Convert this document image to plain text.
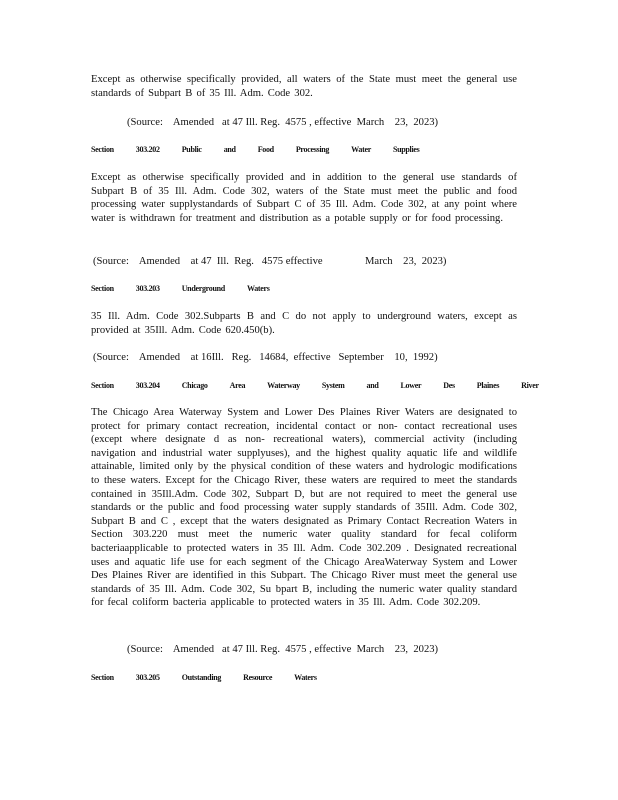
Except as otherwise specifically provided, all waters of the State must meet the general use standards of Subpart B of 35 Ill. Adm. Code 302.
(Source:    Amended   at 47 Ill. Reg.  4575 , effective  March    23,  2023)
Section	303.202	Public	and	Food	Processing	Water	Supplies
Except as otherwise specifically provided and in addition to the general use standards of Subpart B of 35 Ill. Adm. Code 302, waters of the State must meet the public and food processing water supplystandards of Subpart C of 35 Ill. Adm. Code 302, at any point where water is withdrawn for treatment and distribution as a potable supply or for food processing.
(Source:    Amended    at 47  Ill.  Reg.   4575 effective                March    23,  2023)
Section	303.203	Underground	Waters
35 Ill. Adm. Code 302.Subparts B and C do not apply to underground waters, except as provided at 35Ill. Adm. Code 620.450(b).
(Source:    Amended    at 16Ill.   Reg.   14684,  effective   September    10,  1992)
Section	303.204	Chicago	Area	Waterway	System	and	Lower	Des	Plaines	River
The Chicago Area Waterway System and Lower Des Plaines River Waters are designated to protect for primary contact recreation, incidental contact or non- contact recreational uses (except where designate d as non- recreational waters), commercial activity (including navigation and industrial water supplyuses), and the highest quality aquatic life and wildlife attainable, limited only by the physical condition of these waters and hydrologic modifications to these waters. Except for the Chicago River, these waters are required to meet the standards contained in 35Ill.Adm. Code 302, Subpart D, but are not required to meet the general use standards or the public and food processing water supply standards of 35Ill. Adm. Code 302, Subpart B and C , except that the waters designated as Primary Contact Recreation Waters in Section 303.220 must meet the numeric water quality standard for fecal coliform bacteriaapplicable to protected waters in 35 Ill. Adm. Code 302.209 . Designated recreational uses and aquatic life use for each segment of the Chicago AreaWaterway System and Lower Des Plaines River are identified in this Subpart. The Chicago River must meet the general use standards of 35 Ill. Adm. Code 302, Su bpart B, including the numeric water quality standard for fecal coliform bacteria applicable to protected waters in 35 Ill. Adm. Code 302.209.
(Source:    Amended   at 47 Ill. Reg.  4575 , effective  March    23,  2023)
Section	303.205	Outstanding	Resource	Waters
